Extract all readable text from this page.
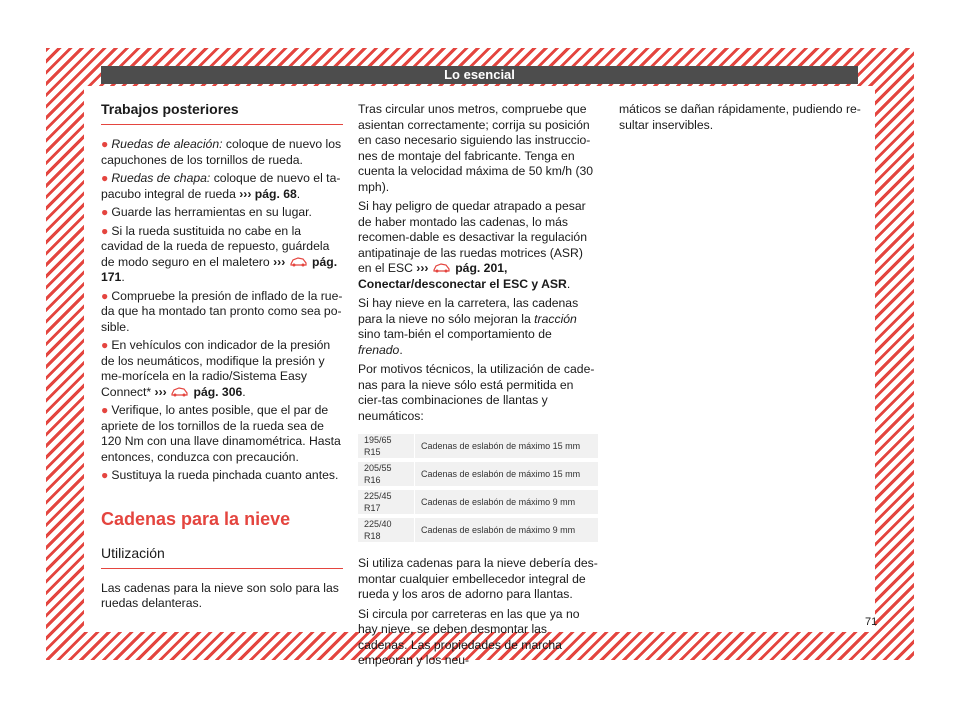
Trabajos posteriores
● Ruedas de aleación: coloque de nuevo los capuchones de los tornillos de rueda.
● Ruedas de chapa: coloque de nuevo el ta-pacubo integral de rueda ››› pág. 68.
● Guarde las herramientas en su lugar.
● Si la rueda sustituida no cabe en la cavidad de la rueda de repuesto, guárdela de modo seguro en el maletero ›››
pág. 171.
● Compruebe la presión de inflado de la rue-da que ha montado tan pronto como sea po-sible.
● En vehículos con indicador de la presión de los neumáticos, modifique la presión y me-morícela en la radio/Sistema Easy Connect* ›››
pág. 306.
● Verifique, lo antes posible, que el par de apriete de los tornillos de la rueda sea de 120 Nm con una llave dinamométrica. Hasta entonces, conduzca con precaución.
● Sustituya la rueda pinchada cuanto antes.
Cadenas para la nieve
Utilización

Las cadenas para la nieve son solo para las ruedas delanteras.

Tras circular unos metros, compruebe que asientan correctamente; corrija su posición en caso necesario siguiendo las instruccio-nes de montaje del fabricante. Tenga en cuenta la velocidad máxima de 50 km/h (30 mph).

Si hay peligro de quedar atrapado a pesar de haber montado las cadenas, lo más recomen-dable es desactivar la regulación antipatinaje de las ruedas motrices (ASR) en el ESC ›››
pág. 201, Conectar/desconectar el ESC y ASR.

Si hay nieve en la carretera, las cadenas para la nieve no sólo mejoran la tracción sino tam-bién el comportamiento de frenado.

Por motivos técnicos, la utilización de cade-nas para la nieve sólo está permitida en cier-tas combinaciones de llantas y neumáticos:

195/65 R15	Cadenas de eslabón de máximo 15 mm
205/55 R16	Cadenas de eslabón de máximo 15 mm
225/45 R17	Cadenas de eslabón de máximo 9 mm
225/40 R18	Cadenas de eslabón de máximo 9 mm

Si utiliza cadenas para la nieve debería des-montar cualquier embellecedor integral de rueda y los aros de adorno para llantas.

Si circula por carreteras en las que ya no hay nieve, se deben desmontar las cadenas. Las propiedades de marcha empeoran y los neu-

máticos se dañan rápidamente, pudiendo re-sultar inservibles.

Lo esencial
71
